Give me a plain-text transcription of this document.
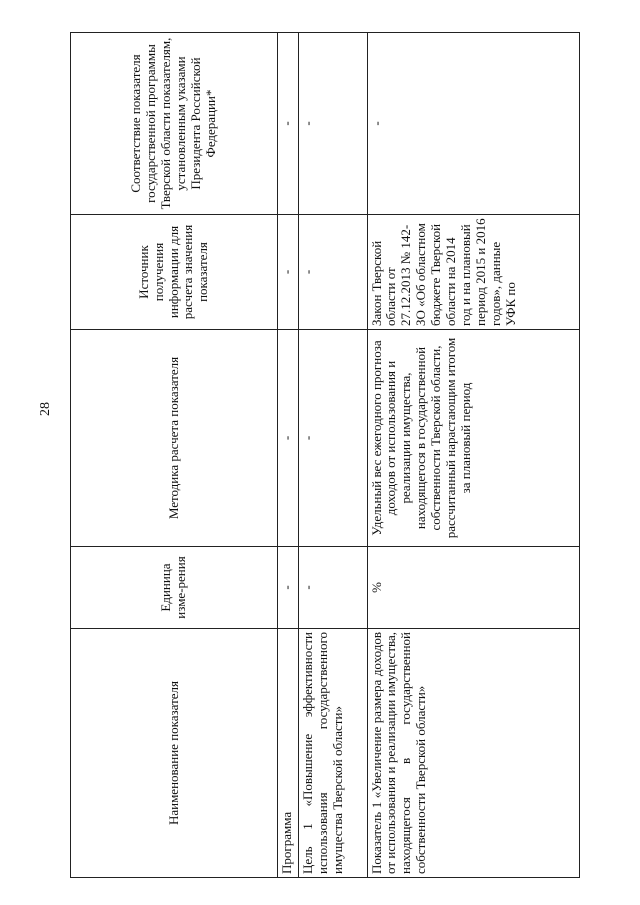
28

Наименование показателя	Единица изме-рения	Методика расчета показателя	Источник получения информации для расчета значения показателя	Соответствие показателя государственной программы Тверской области показателям, установленным указами Президента Российской Федерации*
Программа	-	-	-	-
Цель 1 «Повышение эффективности использования государственного имущества Тверской области»	-	-	-	-
Показатель 1 «Увеличение размера доходов от использования и реализации имущества, находящегося в государственной собственности Тверской области»	%	Удельный вес ежегодного прогноза доходов от использования и реализации имущества, находящегося в государственной собственности Тверской области, рассчитанный нарастающим итогом за плановый период	Закон Тверской области от 27.12.2013 № 142-ЗО «Об областном бюджете Тверской области на 2014 год и на плановый период 2015 и 2016 годов», данные УФК по	-
